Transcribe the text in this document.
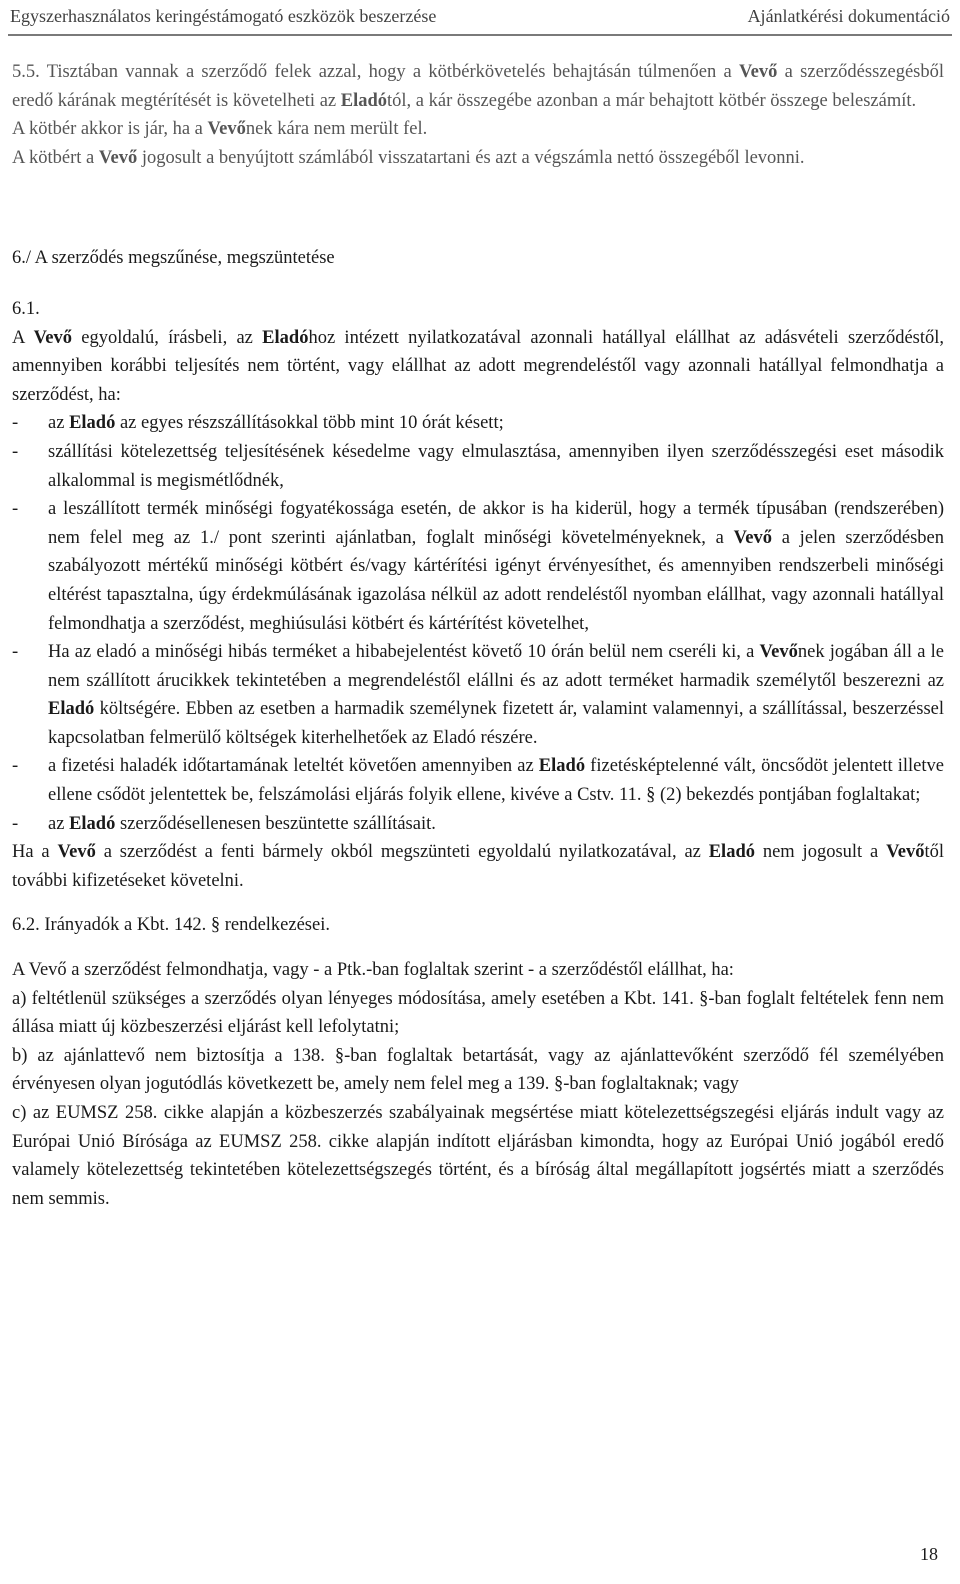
Egyszerhasználatos keringéstámogató eszközök beszerzése	Ajánlatkérési dokumentáció

5.5. Tisztában vannak a szerződő felek azzal, hogy a kötbérkövetelés behajtásán túlmenően a Vevő a szerződésszegésből eredő kárának megtérítését is követelheti az Eladótól, a kár összegébe azonban a már behajtott kötbér összege beleszámít.

A kötbér akkor is jár, ha a Vevőnek kára nem merült fel.

A kötbért a Vevő jogosult a benyújtott számlából visszatartani és azt a végszámla nettó összegéből levonni.

6./ A szerződés megszűnése, megszüntetése

6.1.

A Vevő egyoldalú, írásbeli, az Eladóhoz intézett nyilatkozatával azonnali hatállyal elállhat az adásvételi szerződéstől, amennyiben korábbi teljesítés nem történt, vagy elállhat az adott megrendeléstől vagy azonnali hatállyal felmondhatja a szerződést, ha:

-	az Eladó az egyes részszállításokkal több mint 10 órát késett;
-	szállítási kötelezettség teljesítésének késedelme vagy elmulasztása, amennyiben ilyen szerződésszegési eset második alkalommal is megismétlődnék,
-	a leszállított termék minőségi fogyatékossága esetén, de akkor is ha kiderül, hogy a termék típusában (rendszerében) nem felel meg az 1./ pont szerinti ajánlatban, foglalt minőségi követelményeknek, a Vevő a jelen szerződésben szabályozott mértékű minőségi kötbért és/vagy kártérítési igényt érvényesíthet, és amennyiben rendszerbeli minőségi eltérést tapasztalna, úgy érdekmúlásának igazolása nélkül az adott rendeléstől nyomban elállhat, vagy azonnali hatállyal felmondhatja a szerződést, meghiúsulási kötbért és kártérítést követelhet,
-	Ha az eladó a minőségi hibás terméket a hibabejelentést követő 10 órán belül nem cseréli ki, a Vevőnek jogában áll a le nem szállított árucikkek tekintetében a megrendeléstől elállni és az adott terméket harmadik személytől beszerezni az Eladó költségére. Ebben az esetben a harmadik személynek fizetett ár, valamint valamennyi, a szállítással, beszerzéssel kapcsolatban felmerülő költségek kiterhelhetőek az Eladó részére.
-	a fizetési haladék időtartamának leteltét követően amennyiben az Eladó fizetésképtelenné vált, öncsődöt jelentett illetve ellene csődöt jelentettek be, felszámolási eljárás folyik ellene, kivéve a Cstv. 11. § (2) bekezdés pontjában foglaltakat;
-	az Eladó szerződésellenesen beszüntette szállításait.

Ha a Vevő a szerződést a fenti bármely okból megszünteti egyoldalú nyilatkozatával, az Eladó nem jogosult a Vevőtől további kifizetéseket követelni.

6.2. Irányadók a Kbt. 142. § rendelkezései.

A Vevő a szerződést felmondhatja, vagy - a Ptk.-ban foglaltak szerint - a szerződéstől elállhat, ha:

a) feltétlenül szükséges a szerződés olyan lényeges módosítása, amely esetében a Kbt. 141. §-ban foglalt feltételek fenn nem állása miatt új közbeszerzési eljárást kell lefolytatni;

b) az ajánlattevő nem biztosítja a 138. §-ban foglaltak betartását, vagy az ajánlattevőként szerződő fél személyében érvényesen olyan jogutódlás következett be, amely nem felel meg a 139. §-ban foglaltaknak; vagy

c) az EUMSZ 258. cikke alapján a közbeszerzés szabályainak megsértése miatt kötelezettségszegési eljárás indult vagy az Európai Unió Bírósága az EUMSZ 258. cikke alapján indított eljárásban kimondta, hogy az Európai Unió jogából eredő valamely kötelezettség tekintetében kötelezettségszegés történt, és a bíróság által megállapított jogsértés miatt a szerződés nem semmis.

18
